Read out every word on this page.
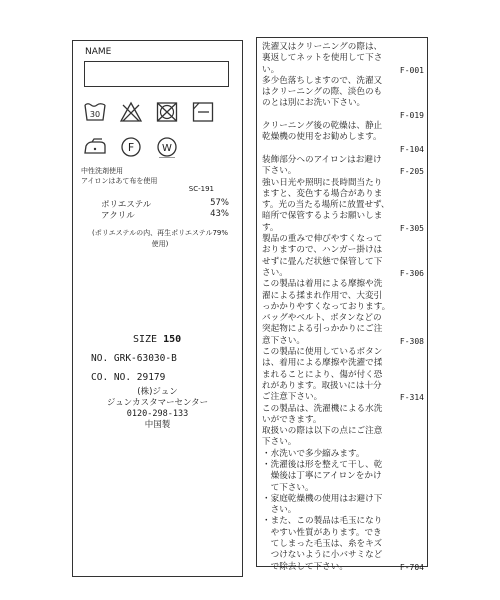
NAME
30
F	W
中性洗剤使用
アイロンはあて布を使用
SC-191
ポリエステル	57%
アクリル	43%
(ポリエステルの内、再生ポリエステル79%
使用)
SIZE 150
NO. GRK-63030-B
CO. NO. 29179
(株)ジュン
ジュンカスタマーセンター
0120-298-133
中国製
洗濯又はクリーニングの際は、
裏返してネットを使用して下さ
い。	F-001
多少色落ちしますので、洗濯又
はクリーニングの際、淡色のも
のとは別にお洗い下さい。
F-019
クリーニング後の乾燥は、静止
乾燥機の使用をお勧めします。
F-104
装飾部分へのアイロンはお避け
下さい。	F-205
強い日光や照明に長時間当たり
ますと、変色する場合がありま
す。光の当たる場所に放置せず、
暗所で保管するようお願いしま
す。	F-305
製品の重みで伸びやすくなって
おりますので、ハンガー掛けは
せずに畳んだ状態で保管して下
さい。	F-306
この製品は着用による摩擦や洗
濯による揉まれ作用で、大変引
っかかりやすくなっております。
バッグやベルト、ボタンなどの
突起物による引っかかりにご注
意下さい。	F-308
この製品に使用しているボタン
は、着用による摩擦や洗濯で揉
まれることにより、傷が付く恐
れがあります。取扱いには十分
ご注意下さい。	F-314
この製品は、洗濯機による水洗
いができます。
取扱いの際は以下の点にご注意
下さい。
・水洗いで多少縮みます。
・洗濯後は形を整えて干し、乾
　燥後は丁寧にアイロンをかけ
　て下さい。
・家庭乾燥機の使用はお避け下
　さい。
・また、この製品は毛玉になり
　やすい性質があります。でき
　てしまった毛玉は、糸をキズ
　つけないように小バサミなど
　で除去して下さい。	F-704
